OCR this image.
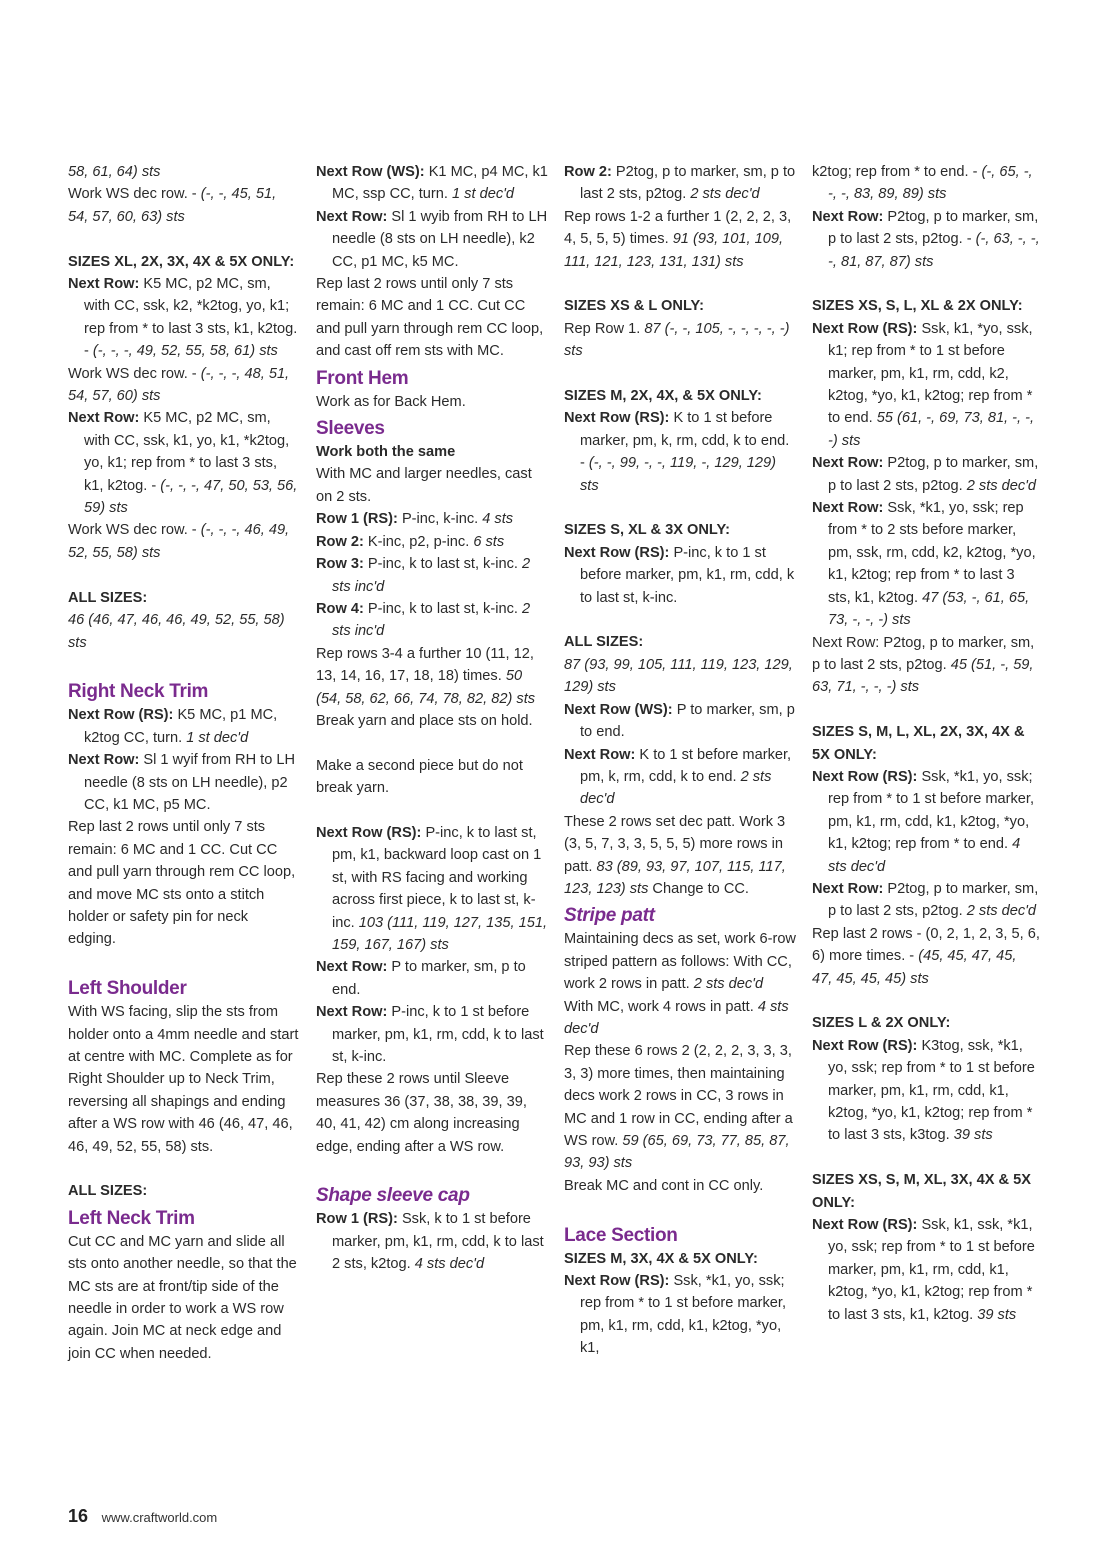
58, 61, 64) sts
Work WS dec row. - (-, -, 45, 51, 54, 57, 60, 63) sts
SIZES XL, 2X, 3X, 4X & 5X ONLY:
Next Row: K5 MC, p2 MC, sm, with CC, ssk, k2, *k2tog, yo, k1; rep from * to last 3 sts, k1, k2tog. - (-, -, -, 49, 52, 55, 58, 61) sts
Work WS dec row. - (-, -, -, 48, 51, 54, 57, 60) sts
Next Row: K5 MC, p2 MC, sm, with CC, ssk, k1, yo, k1, *k2tog, yo, k1; rep from * to last 3 sts, k1, k2tog. - (-, -, -, 47, 50, 53, 56, 59) sts
Work WS dec row. - (-, -, -, 46, 49, 52, 55, 58) sts
ALL SIZES:
46 (46, 47, 46, 46, 49, 52, 55, 58) sts
Right Neck Trim
Next Row (RS): K5 MC, p1 MC, k2tog CC, turn. 1 st dec'd
Next Row: Sl 1 wyif from RH to LH needle (8 sts on LH needle), p2 CC, k1 MC, p5 MC.
Rep last 2 rows until only 7 sts remain: 6 MC and 1 CC. Cut CC and pull yarn through rem CC loop, and move MC sts onto a stitch holder or safety pin for neck edging.
Left Shoulder
With WS facing, slip the sts from holder onto a 4mm needle and start at centre with MC. Complete as for Right Shoulder up to Neck Trim, reversing all shapings and ending after a WS row with 46 (46, 47, 46, 46, 49, 52, 55, 58) sts.
ALL SIZES:
Left Neck Trim
Cut CC and MC yarn and slide all sts onto another needle, so that the MC sts are at front/tip side of the needle in order to work a WS row again. Join MC at neck edge and join CC when needed.
Next Row (WS): K1 MC, p4 MC, k1 MC, ssp CC, turn. 1 st dec'd
Next Row: Sl 1 wyib from RH to LH needle (8 sts on LH needle), k2 CC, p1 MC, k5 MC.
Rep last 2 rows until only 7 sts remain: 6 MC and 1 CC. Cut CC and pull yarn through rem CC loop, and cast off rem sts with MC.
Front Hem
Work as for Back Hem.
Sleeves
Work both the same
With MC and larger needles, cast on 2 sts.
Row 1 (RS): P-inc, k-inc. 4 sts
Row 2: K-inc, p2, p-inc. 6 sts
Row 3: P-inc, k to last st, k-inc. 2 sts inc'd
Row 4: P-inc, k to last st, k-inc. 2 sts inc'd
Rep rows 3-4 a further 10 (11, 12, 13, 14, 16, 17, 18, 18) times. 50 (54, 58, 62, 66, 74, 78, 82, 82) sts
Break yarn and place sts on hold.
Make a second piece but do not break yarn.
Next Row (RS): P-inc, k to last st, pm, k1, backward loop cast on 1 st, with RS facing and working across first piece, k to last st, k-inc. 103 (111, 119, 127, 135, 151, 159, 167, 167) sts
Next Row: P to marker, sm, p to end.
Next Row: P-inc, k to 1 st before marker, pm, k1, rm, cdd, k to last st, k-inc.
Rep these 2 rows until Sleeve measures 36 (37, 38, 38, 39, 39, 40, 41, 42) cm along increasing edge, ending after a WS row.
Shape sleeve cap
Row 1 (RS): Ssk, k to 1 st before marker, pm, k1, rm, cdd, k to last 2 sts, k2tog. 4 sts dec'd
Row 2: P2tog, p to marker, sm, p to last 2 sts, p2tog. 2 sts dec'd
Rep rows 1-2 a further 1 (2, 2, 2, 3, 4, 5, 5, 5) times. 91 (93, 101, 109, 111, 121, 123, 131, 131) sts
SIZES XS & L ONLY:
Rep Row 1. 87 (-, -, 105, -, -, -, -, -) sts
SIZES M, 2X, 4X, & 5X ONLY:
Next Row (RS): K to 1 st before marker, pm, k, rm, cdd, k to end. - (-, -, 99, -, -, 119, -, 129, 129) sts
SIZES S, XL & 3X ONLY:
Next Row (RS): P-inc, k to 1 st before marker, pm, k1, rm, cdd, k to last st, k-inc.
ALL SIZES:
87 (93, 99, 105, 111, 119, 123, 129, 129) sts
Next Row (WS): P to marker, sm, p to end.
Next Row: K to 1 st before marker, pm, k, rm, cdd, k to end. 2 sts dec'd
These 2 rows set dec patt. Work 3 (3, 5, 7, 3, 3, 5, 5, 5) more rows in patt. 83 (89, 93, 97, 107, 115, 117, 123, 123) sts Change to CC.
Stripe patt
Maintaining decs as set, work 6-row striped pattern as follows: With CC, work 2 rows in patt. 2 sts dec'd
With MC, work 4 rows in patt. 4 sts dec'd
Rep these 6 rows 2 (2, 2, 2, 3, 3, 3, 3, 3) more times, then maintaining decs work 2 rows in CC, 3 rows in MC and 1 row in CC, ending after a WS row. 59 (65, 69, 73, 77, 85, 87, 93, 93) sts
Break MC and cont in CC only.
Lace Section
SIZES M, 3X, 4X & 5X ONLY:
Next Row (RS): Ssk, *k1, yo, ssk; rep from * to 1 st before marker, pm, k1, rm, cdd, k1, k2tog, *yo, k1,
k2tog; rep from * to end. - (-, 65, -, -, -, 83, 89, 89) sts
Next Row: P2tog, p to marker, sm, p to last 2 sts, p2tog. - (-, 63, -, -, -, 81, 87, 87) sts
SIZES XS, S, L, XL & 2X ONLY:
Next Row (RS): Ssk, k1, *yo, ssk, k1; rep from * to 1 st before marker, pm, k1, rm, cdd, k2, k2tog, *yo, k1, k2tog; rep from * to end. 55 (61, -, 69, 73, 81, -, -, -) sts
Next Row: P2tog, p to marker, sm, p to last 2 sts, p2tog. 2 sts dec'd
Next Row: Ssk, *k1, yo, ssk; rep from * to 2 sts before marker, pm, ssk, rm, cdd, k2, k2tog, *yo, k1, k2tog; rep from * to last 3 sts, k1, k2tog. 47 (53, -, 61, 65, 73, -, -, -) sts
Next Row: P2tog, p to marker, sm, p to last 2 sts, p2tog. 45 (51, -, 59, 63, 71, -, -, -) sts
SIZES S, M, L, XL, 2X, 3X, 4X & 5X ONLY:
Next Row (RS): Ssk, *k1, yo, ssk; rep from * to 1 st before marker, pm, k1, rm, cdd, k1, k2tog, *yo, k1, k2tog; rep from * to end. 4 sts dec'd
Next Row: P2tog, p to marker, sm, p to last 2 sts, p2tog. 2 sts dec'd
Rep last 2 rows - (0, 2, 1, 2, 3, 5, 6, 6) more times. - (45, 45, 47, 45, 47, 45, 45, 45) sts
SIZES L & 2X ONLY:
Next Row (RS): K3tog, ssk, *k1, yo, ssk; rep from * to 1 st before marker, pm, k1, rm, cdd, k1, k2tog, *yo, k1, k2tog; rep from * to last 3 sts, k3tog. 39 sts
SIZES XS, S, M, XL, 3X, 4X & 5X ONLY:
Next Row (RS): Ssk, k1, ssk, *k1, yo, ssk; rep from * to 1 st before marker, pm, k1, rm, cdd, k1, k2tog, *yo, k1, k2tog; rep from * to last 3 sts, k1, k2tog. 39 sts
16 www.craftworld.com
